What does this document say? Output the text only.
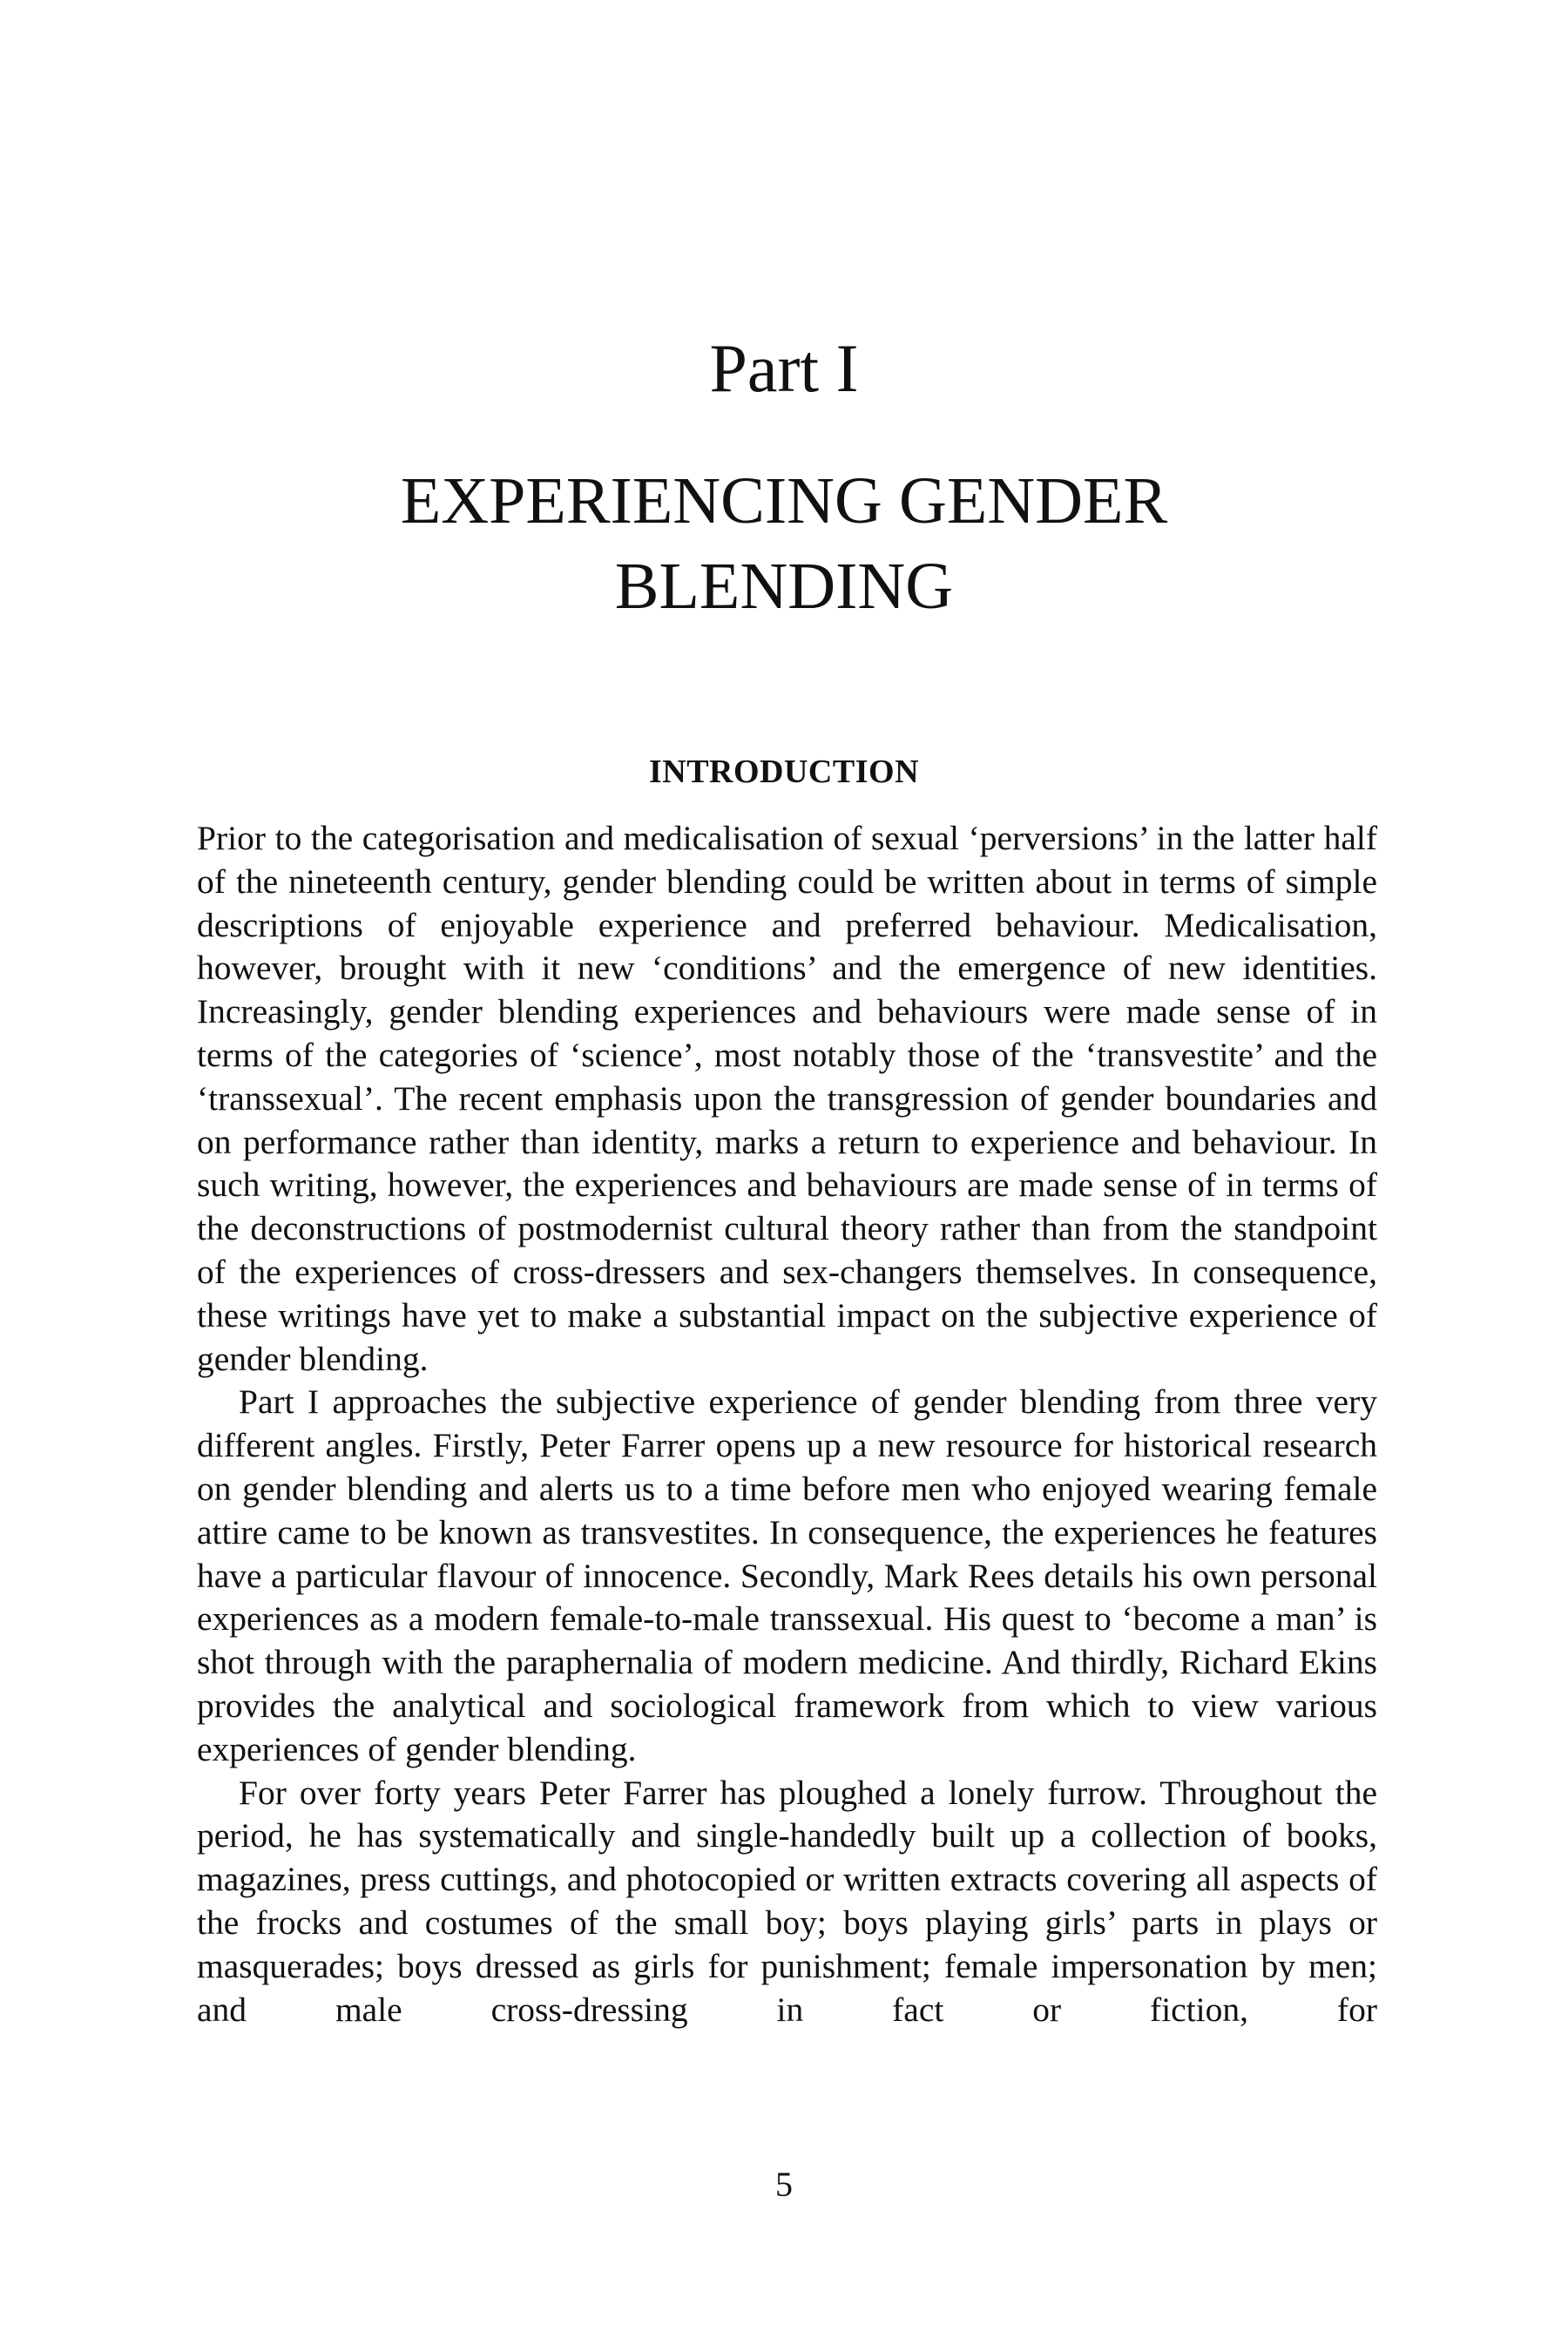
Part I
EXPERIENCING GENDER
BLENDING
INTRODUCTION

Prior to the categorisation and medicalisation of sexual ‘perversions’ in the latter half of the nineteenth century, gender blending could be written about in terms of simple descriptions of enjoyable experience and preferred behaviour. Medicalisation, however, brought with it new ‘conditions’ and the emergence of new identities. Increasingly, gender blending experiences and behaviours were made sense of in terms of the categories of ‘science’, most notably those of the ‘transvestite’ and the ‘transsexual’. The recent emphasis upon the transgression of gender boundaries and on performance rather than identity, marks a return to experience and behaviour. In such writing, however, the experiences and behaviours are made sense of in terms of the deconstructions of postmodernist cultural theory rather than from the standpoint of the experiences of cross-dressers and sex-changers themselves. In consequence, these writings have yet to make a substantial impact on the subjective experience of gender blending.

Part I approaches the subjective experience of gender blending from three very different angles. Firstly, Peter Farrer opens up a new resource for historical research on gender blending and alerts us to a time before men who enjoyed wearing female attire came to be known as transvestites. In consequence, the experiences he features have a particular flavour of innocence. Secondly, Mark Rees details his own personal experiences as a modern female-to-male transsexual. His quest to ‘become a man’ is shot through with the paraphernalia of modern medicine. And thirdly, Richard Ekins provides the analytical and sociological framework from which to view various experiences of gender blending.

For over forty years Peter Farrer has ploughed a lonely furrow. Throughout the period, he has systematically and single-handedly built up a collection of books, magazines, press cuttings, and photocopied or written extracts covering all aspects of the frocks and costumes of the small boy; boys playing girls’ parts in plays or masquerades; boys dressed as girls for punishment; female impersonation by men; and male cross-dressing in fact or fiction, for

5
